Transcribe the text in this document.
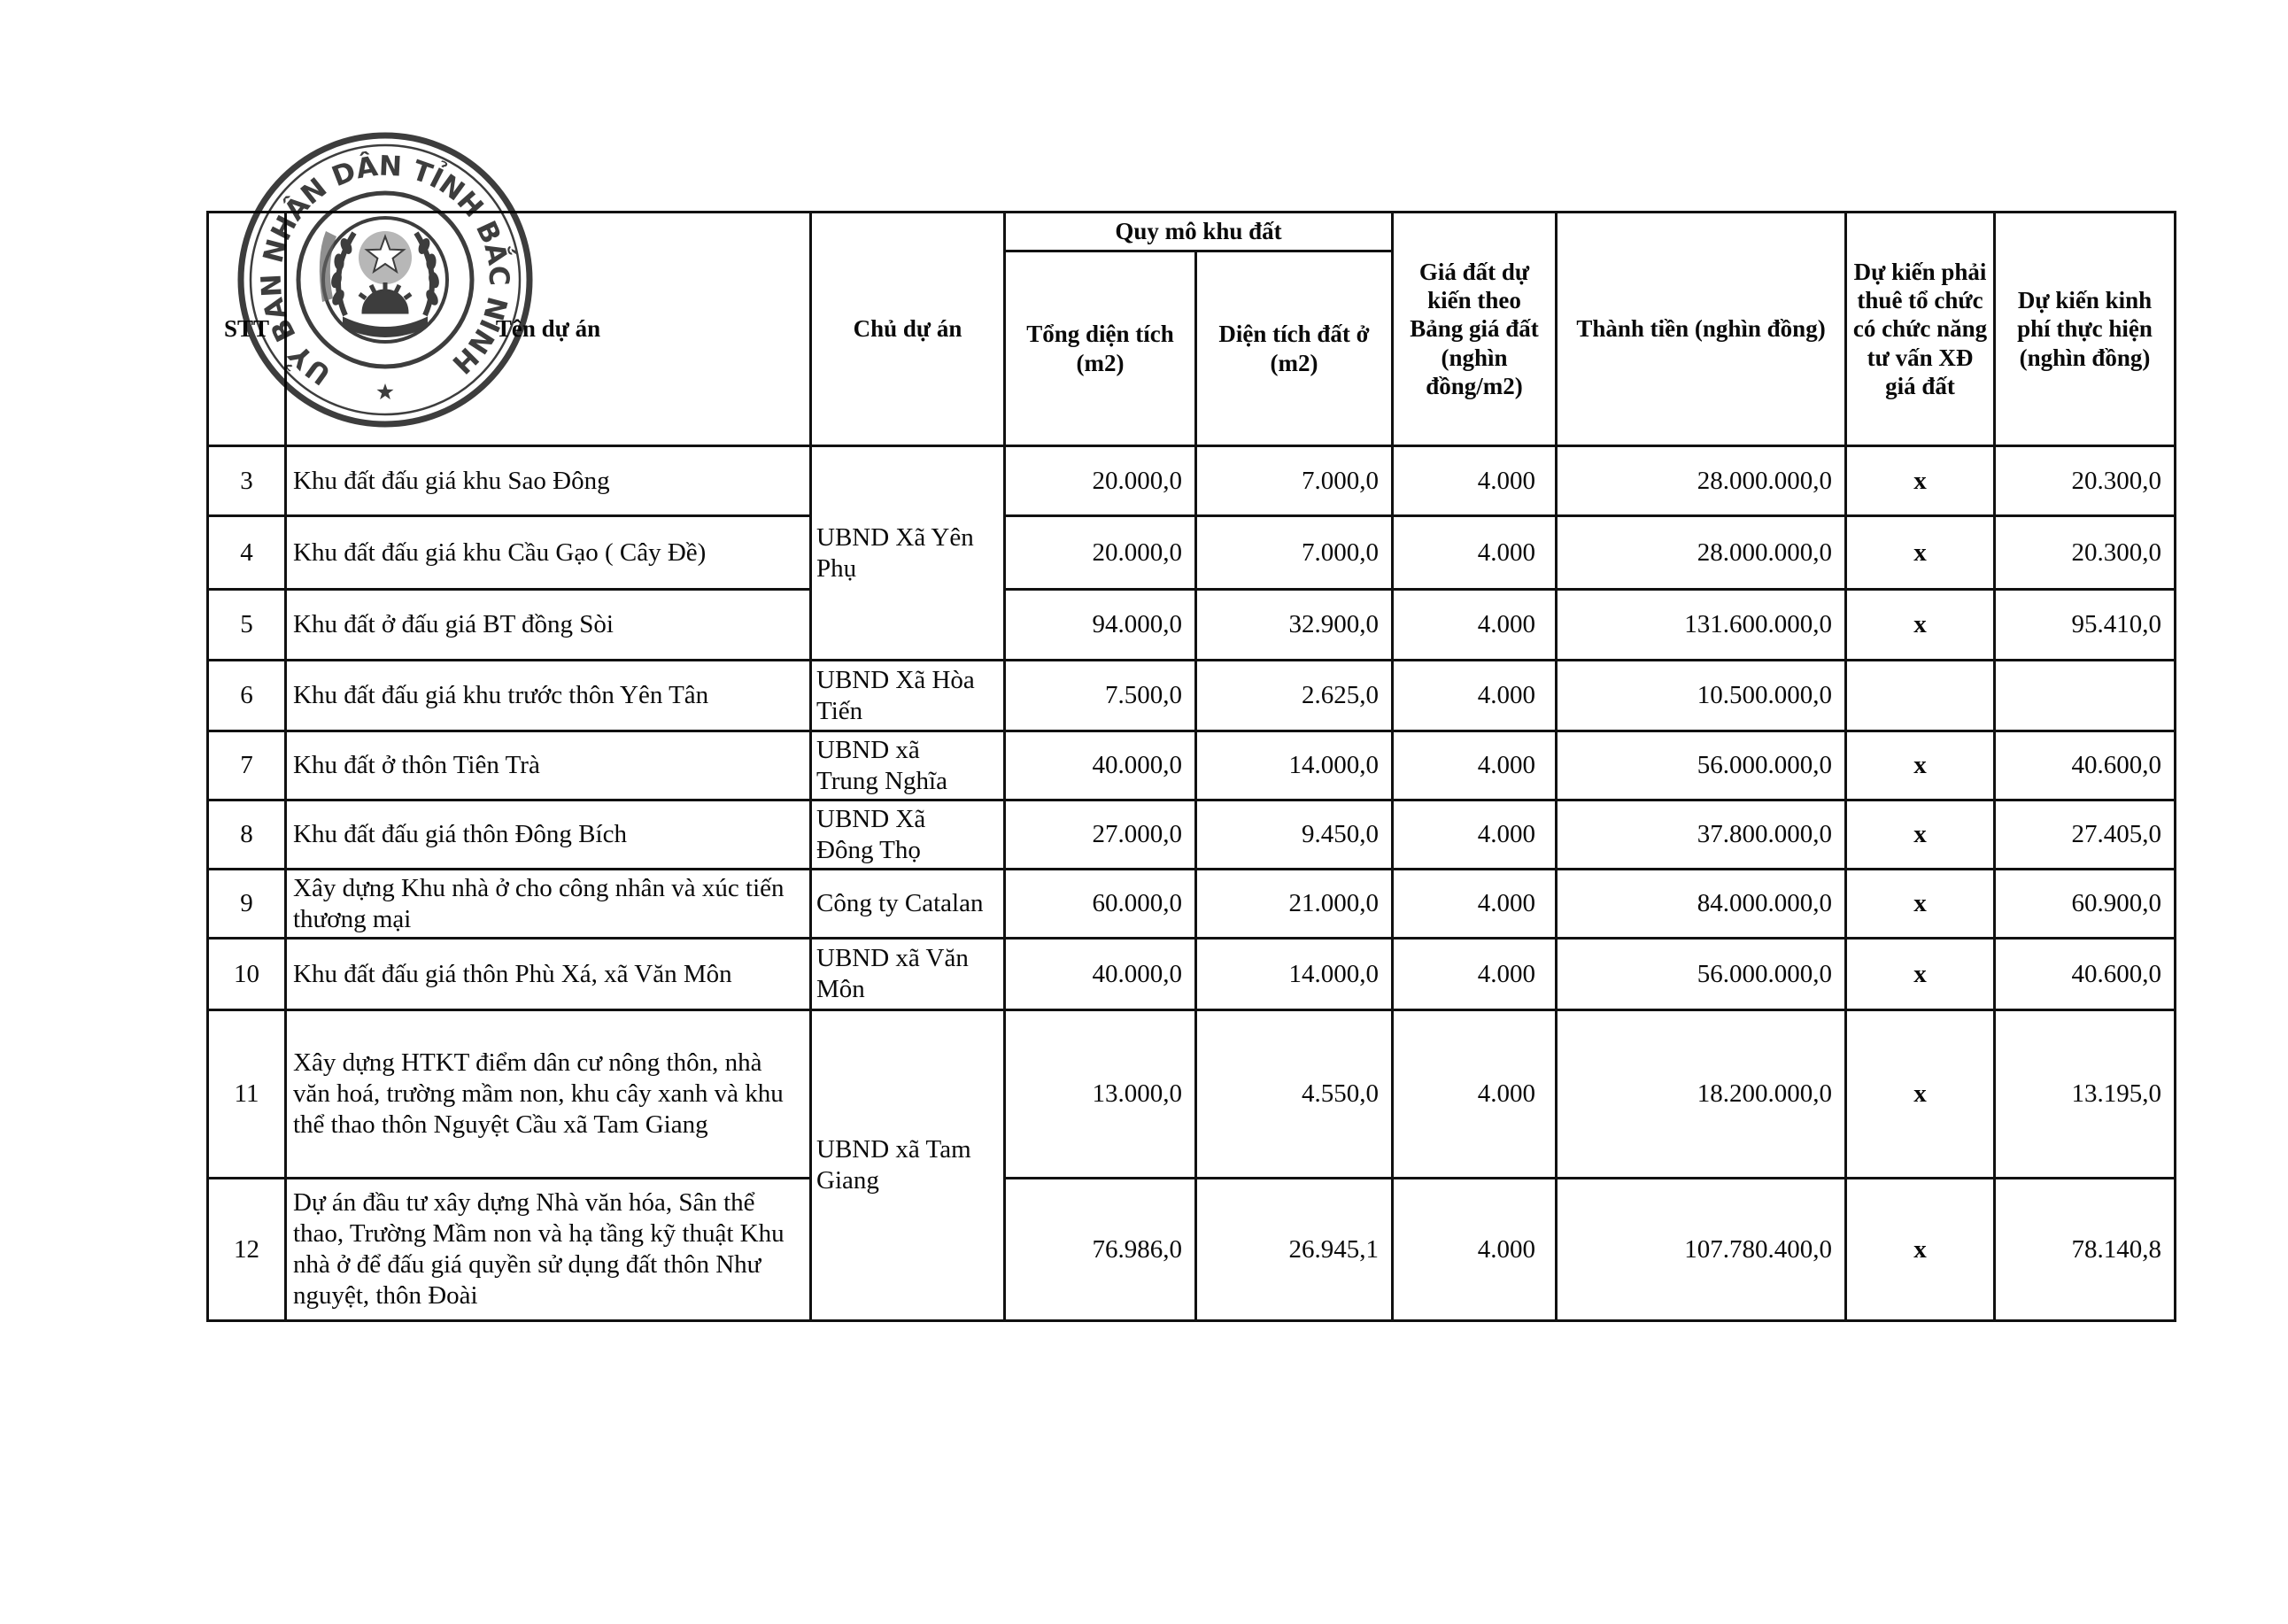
STT	Tên dự án	Chủ dự án	Quy mô khu đất		Giá đất dự kiến theo Bảng giá đất (nghìn đồng/m2)	Thành tiền (nghìn đồng)	Dự kiến phải thuê tổ chức có chức năng tư vấn XĐ giá đất	Dự kiến kinh phí thực hiện (nghìn đồng)
			Tổng diện tích (m2)	Diện tích đất ở (m2)				
3	Khu đất đấu giá khu Sao Đông	UBND Xã Yên Phụ	20.000,0	7.000,0	4.000	28.000.000,0	x	20.300,0
4	Khu đất đấu giá khu Cầu Gạo ( Cây Đề)		20.000,0	7.000,0	4.000	28.000.000,0	x	20.300,0
5	Khu đất ở đấu giá BT đồng Sòi		94.000,0	32.900,0	4.000	131.600.000,0	x	95.410,0
6	Khu đất đấu giá khu trước thôn Yên Tân	UBND Xã Hòa Tiến	7.500,0	2.625,0	4.000	10.500.000,0		
7	Khu đất ở thôn Tiên Trà	UBND xã Trung Nghĩa	40.000,0	14.000,0	4.000	56.000.000,0	x	40.600,0
8	Khu đất đấu giá thôn Đông Bích	UBND Xã Đông Thọ	27.000,0	9.450,0	4.000	37.800.000,0	x	27.405,0
9	Xây dựng Khu nhà ở cho công nhân và xúc tiến thương mại	Công ty Catalan	60.000,0	21.000,0	4.000	84.000.000,0	x	60.900,0
10	Khu đất đấu giá thôn Phù Xá, xã Văn Môn	UBND xã Văn Môn	40.000,0	14.000,0	4.000	56.000.000,0	x	40.600,0
11	Xây dựng HTKT điểm dân cư nông thôn, nhà văn hoá, trường mầm non, khu cây xanh và khu thể thao thôn Nguyệt Cầu xã Tam Giang	UBND xã Tam Giang	13.000,0	4.550,0	4.000	18.200.000,0	x	13.195,0
12	Dự án đầu tư xây dựng Nhà văn hóa, Sân thể thao, Trường Mầm non và hạ tầng kỹ thuật Khu nhà ở để đấu giá quyền sử dụng đất thôn Như nguyệt, thôn Đoài		76.986,0	26.945,1	4.000	107.780.400,0	x	78.140,8
UỶ BAN NHÂN DÂN TỈNH BẮC NINH
